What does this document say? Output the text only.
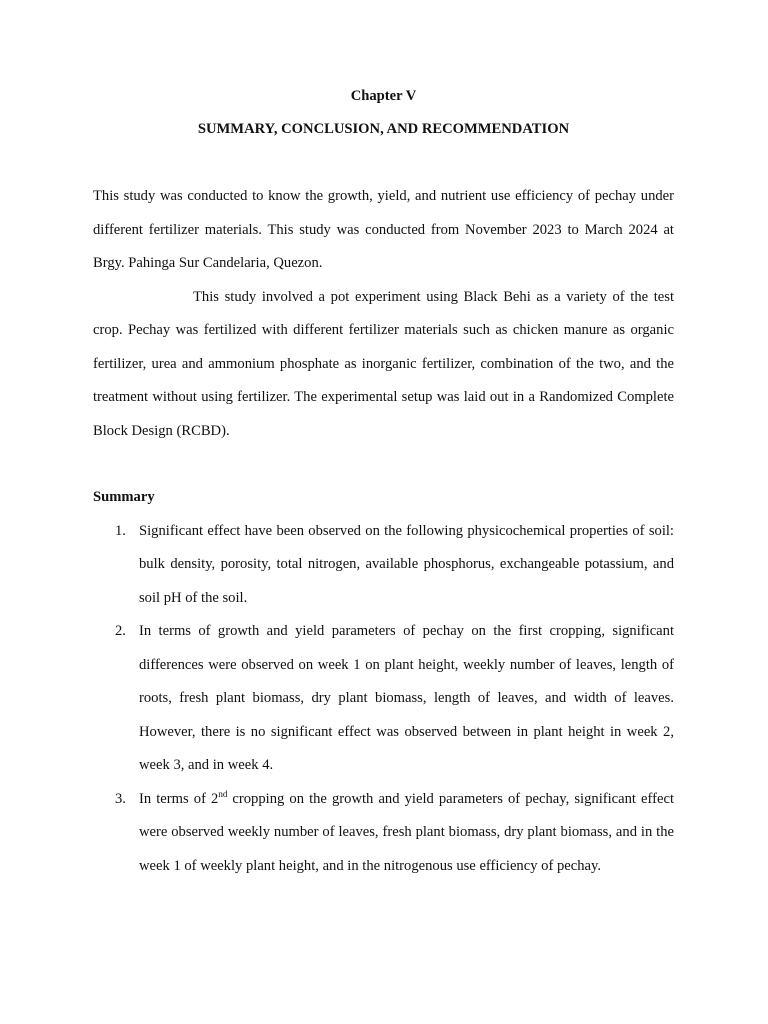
Chapter V

SUMMARY, CONCLUSION, AND RECOMMENDATION

This study was conducted to know the growth, yield, and nutrient use efficiency of pechay under different fertilizer materials. This study was conducted from November 2023 to March 2024 at Brgy. Pahinga Sur Candelaria, Quezon.

This study involved a pot experiment using Black Behi as a variety of the test crop. Pechay was fertilized with different fertilizer materials such as chicken manure as organic fertilizer, urea and ammonium phosphate as inorganic fertilizer, combination of the two, and the treatment without using fertilizer. The experimental setup was laid out in a Randomized Complete Block Design (RCBD).

Summary

1. Significant effect have been observed on the following physicochemical properties of soil: bulk density, porosity, total nitrogen, available phosphorus, exchangeable potassium, and soil pH of the soil.
2. In terms of growth and yield parameters of pechay on the first cropping, significant differences were observed on week 1 on plant height, weekly number of leaves, length of roots, fresh plant biomass, dry plant biomass, length of leaves, and width of leaves. However, there is no significant effect was observed between in plant height in week 2, week 3, and in week 4.
3. In terms of 2nd cropping on the growth and yield parameters of pechay, significant effect were observed weekly number of leaves, fresh plant biomass, dry plant biomass, and in the week 1 of weekly plant height, and in the nitrogenous use efficiency of pechay.
